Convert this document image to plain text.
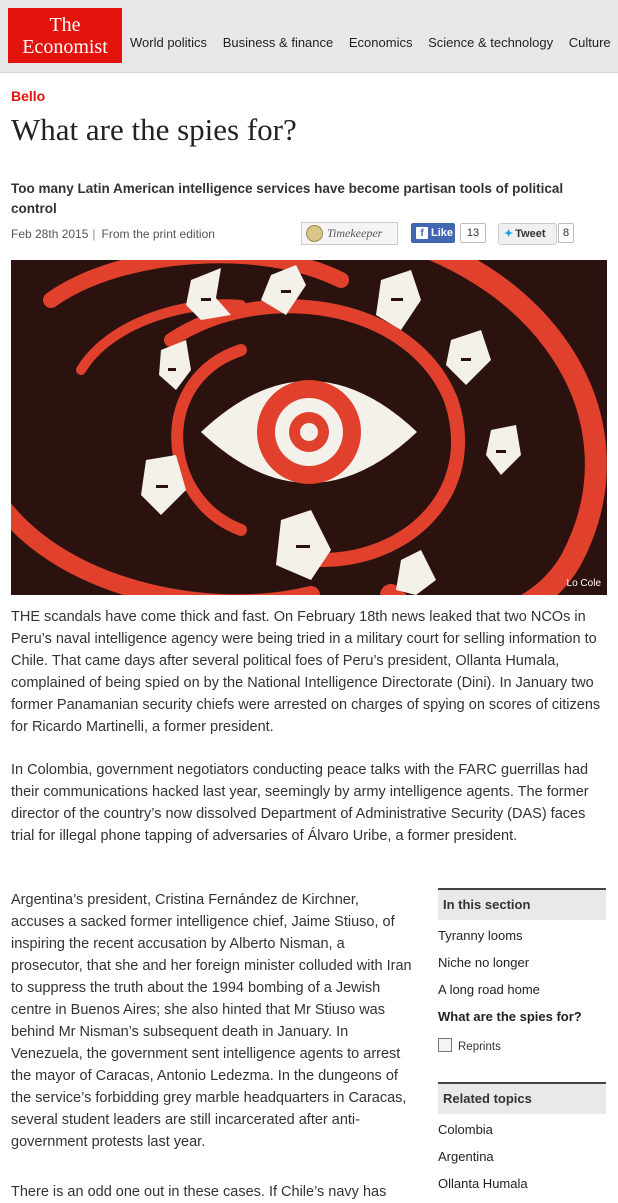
The
Economist	World politics Business & finance Economics Science & technology Culture
Bello
What are the spies for?
Too many Latin American intelligence services have become partisan tools of political control
Feb 28th 2015 | From the print edition	Timekeeper	f Like	13	✦ Tweet	8
Lo Cole
THE scandals have come thick and fast. On February 18th news leaked that two NCOs in Peru’s naval intelligence agency were being tried in a military court for selling information to Chile. That came days after several political foes of Peru’s president, Ollanta Humala, complained of being spied on by the National Intelligence Directorate (Dini). In January two former Panamanian security chiefs were arrested on charges of spying on scores of citizens for Ricardo Martinelli, a former president.
In Colombia, government negotiators conducting peace talks with the FARC guerrillas had their communications hacked last year, seemingly by army intelligence agents. The former director of the country’s now dissolved Department of Administrative Security (DAS) faces trial for illegal phone tapping of adversaries of Álvaro Uribe, a former president.
Argentina’s president, Cristina Fernández de Kirchner, accuses a sacked former intelligence chief, Jaime Stiuso, of inspiring the recent accusation by Alberto Nisman, a prosecutor, that she and her foreign minister colluded with Iran to suppress the truth about the 1994 bombing of a Jewish centre in Buenos Aires; she also hinted that Mr Stiuso was behind Mr Nisman’s subsequent death in January. In Venezuela, the government sent intelligence agents to arrest the mayor of Caracas, Antonio Ledezma. In the dungeons of the service’s forbidding grey marble headquarters in Caracas, several student leaders are still incarcerated after anti-government protests last year.
There is an odd one out in these cases. If Chile’s navy has
In this section
Tyranny looms
Niche no longer
A long road home
What are the spies for?
Reprints
Related topics
Colombia
Argentina
Ollanta Humala
